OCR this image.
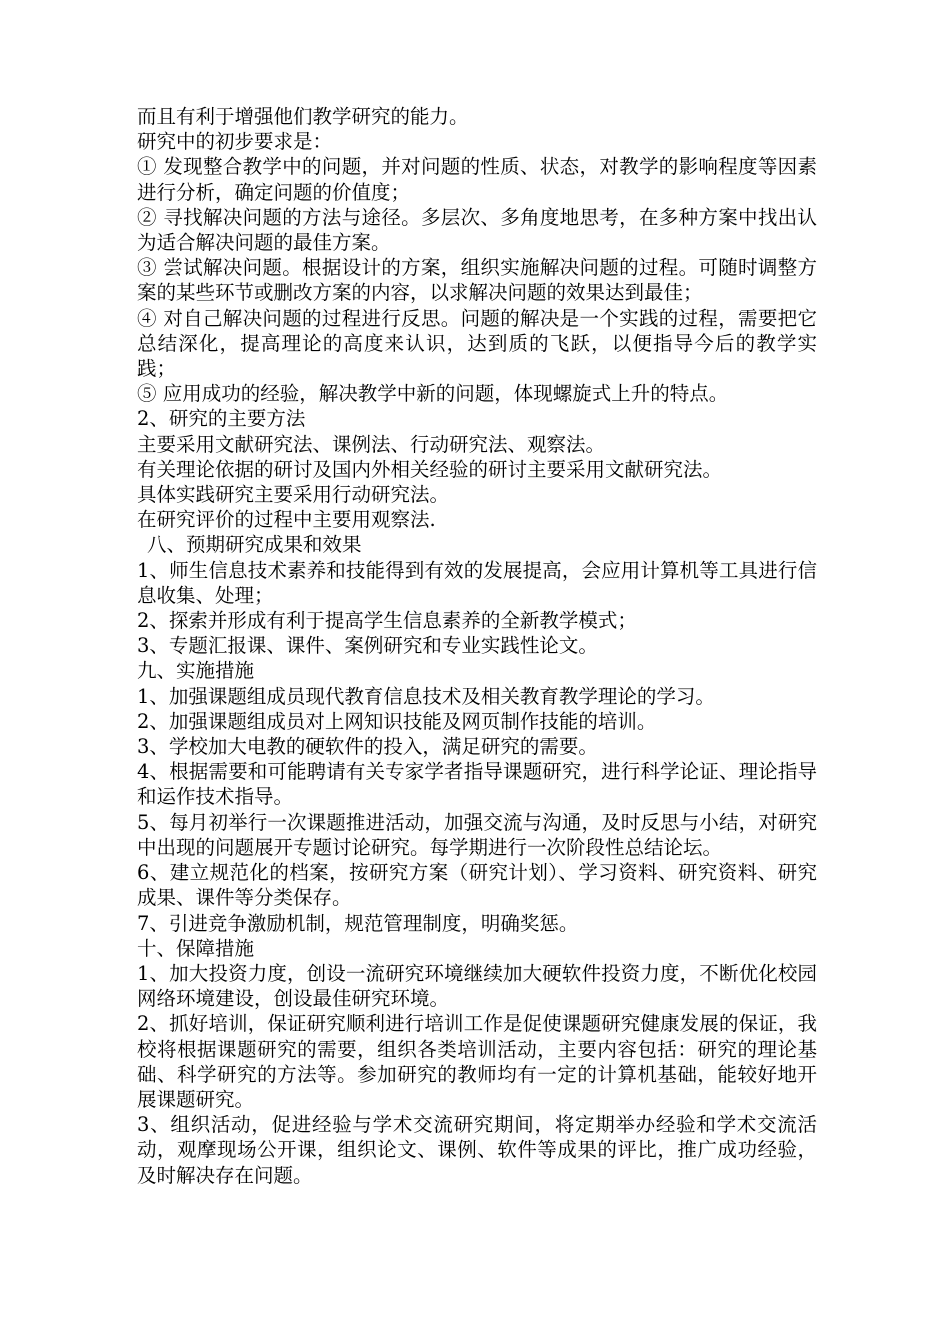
而且有利于增强他们教学研究的能力。

研究中的初步要求是：

① 发现整合教学中的问题，并对问题的性质、状态，对教学的影响程度等因素进行分析，确定问题的价值度；

② 寻找解决问题的方法与途径。多层次、多角度地思考，在多种方案中找出认为适合解决问题的最佳方案。

③ 尝试解决问题。根据设计的方案，组织实施解决问题的过程。可随时调整方案的某些环节或删改方案的内容，以求解决问题的效果达到最佳；

④ 对自己解决问题的过程进行反思。问题的解决是一个实践的过程，需要把它总结深化，提高理论的高度来认识，达到质的飞跃，以便指导今后的教学实践；

⑤ 应用成功的经验，解决教学中新的问题，体现螺旋式上升的特点。

2、研究的主要方法

主要采用文献研究法、课例法、行动研究法、观察法。

有关理论依据的研讨及国内外相关经验的研讨主要采用文献研究法。

具体实践研究主要采用行动研究法。

在研究评价的过程中主要用观察法.

八、预期研究成果和效果

1、师生信息技术素养和技能得到有效的发展提高，会应用计算机等工具进行信息收集、处理；

2、探索并形成有利于提高学生信息素养的全新教学模式；

3、专题汇报课、课件、案例研究和专业实践性论文。

九、实施措施

1、加强课题组成员现代教育信息技术及相关教育教学理论的学习。

2、加强课题组成员对上网知识技能及网页制作技能的培训。

3、学校加大电教的硬软件的投入，满足研究的需要。

4、根据需要和可能聘请有关专家学者指导课题研究，进行科学论证、理论指导和运作技术指导。

5、每月初举行一次课题推进活动，加强交流与沟通，及时反思与小结，对研究中出现的问题展开专题讨论研究。每学期进行一次阶段性总结论坛。

6、建立规范化的档案，按研究方案（研究计划）、学习资料、研究资料、研究成果、课件等分类保存。

7、引进竞争激励机制，规范管理制度，明确奖惩。

十、保障措施

1、加大投资力度，创设一流研究环境继续加大硬软件投资力度，不断优化校园网络环境建设，创设最佳研究环境。

2、抓好培训，保证研究顺利进行培训工作是促使课题研究健康发展的保证，我校将根据课题研究的需要，组织各类培训活动，主要内容包括：研究的理论基础、科学研究的方法等。参加研究的教师均有一定的计算机基础，能较好地开展课题研究。

3、组织活动，促进经验与学术交流研究期间，将定期举办经验和学术交流活动，观摩现场公开课，组织论文、课例、软件等成果的评比，推广成功经验，及时解决存在问题。
